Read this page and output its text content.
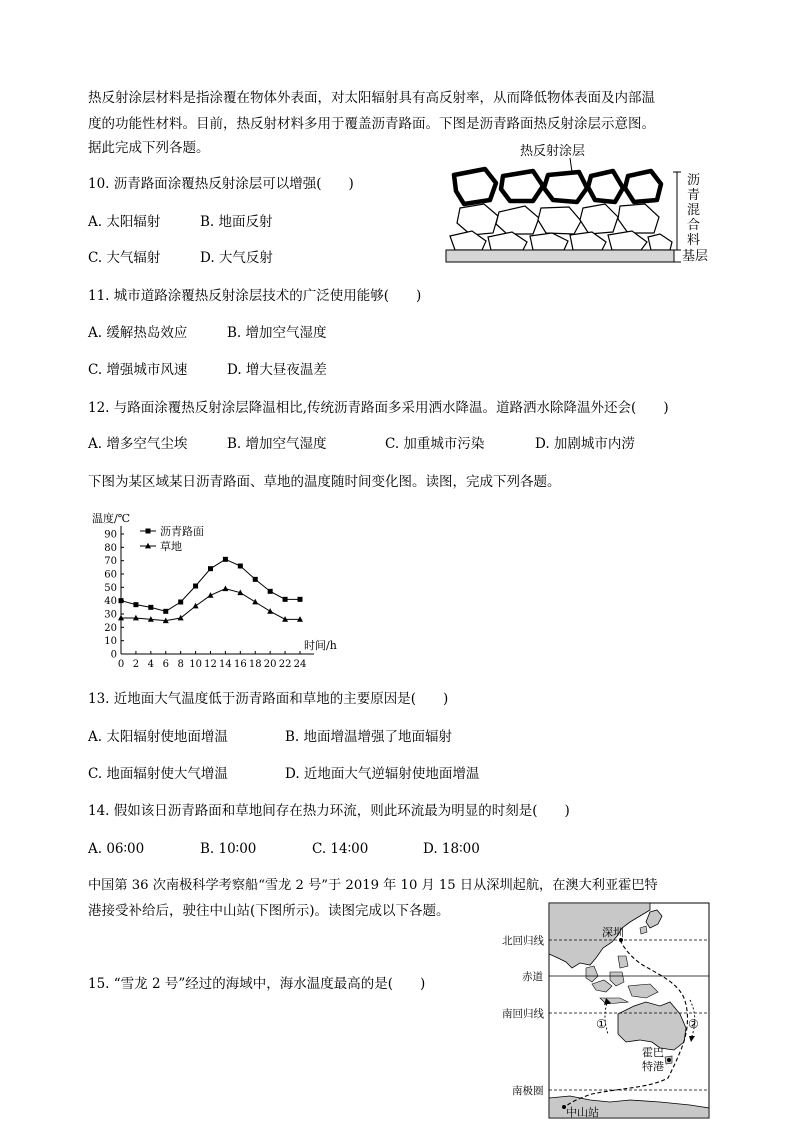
热反射涂层材料是指涂覆在物体外表面，对太阳辐射具有高反射率，从而降低物体表面及内部温
度的功能性材料。目前，热反射材料多用于覆盖沥青路面。下图是沥青路面热反射涂层示意图。
据此完成下列各题。	热反射涂层
沥青混合料
基层
10. 沥青路面涂覆热反射涂层可以增强(　　)
A. 太阳辐射	B. 地面反射
C. 大气辐射	D. 大气反射
11. 城市道路涂覆热反射涂层技术的广泛使用能够(　　)
A. 缓解热岛效应	B. 增加空气湿度
C. 增强城市风速	D. 增大昼夜温差
12. 与路面涂覆热反射涂层降温相比,传统沥青路面多采用洒水降温。道路洒水除降温外还会(　　)
A. 增多空气尘埃	B. 增加空气湿度	C. 加重城市污染	D. 加剧城市内涝
下图为某区域某日沥青路面、草地的温度随时间变化图。读图，完成下列各题。
0
10
20
30
40
50
60
70
80
90
0 2 4 6 8 10 12 14 16 18 20 22 24
温度/℃
时间/h
沥青路面
草地
13. 近地面大气温度低于沥青路面和草地的主要原因是(　　)
A. 太阳辐射使地面增温	B. 地面增温增强了地面辐射
C. 地面辐射使大气增温	D. 近地面大气逆辐射使地面增温
14. 假如该日沥青路面和草地间存在热力环流，则此环流最为明显的时刻是(　　)
A. 06∶00	B. 10∶00	C. 14∶00	D. 18∶00
中国第 36 次南极科学考察船“雪龙 2 号”于 2019 年 10 月 15 日从深圳起航，在澳大利亚霍巴特
港接受补给后，驶往中山站(下图所示)。读图完成以下各题。
15. “雪龙 2 号”经过的海域中，海水温度最高的是(　　)
北回归线
赤道
南回归线
南极圈
深圳
霍巴
特港
中山站
①	②
